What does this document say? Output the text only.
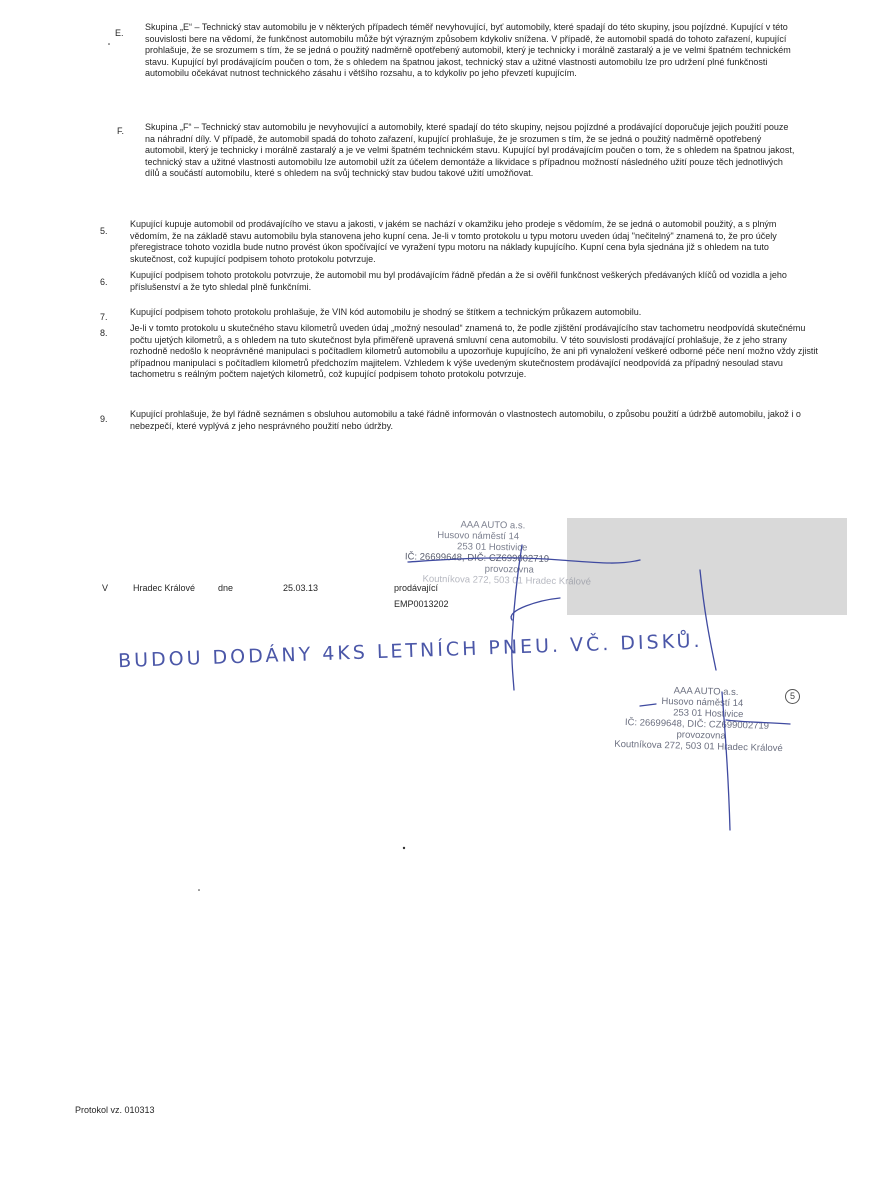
E.
Skupina „E“ – Technický stav automobilu je v některých případech téměř nevyhovující, byť automobily, které spadají do této skupiny, jsou pojízdné. Kupující v této souvislosti bere na vědomí, že funkčnost automobilu může být výrazným způsobem kdykoliv snížena. V případě, že automobil spadá do tohoto zařazení, kupující prohlašuje, že se srozumem s tím, že se jedná o použitý nadměrně opotřebený automobil, který je technicky i morálně zastaralý a je ve velmi špatném technickém stavu. Kupující byl prodávajícím poučen o tom, že s ohledem na špatnou jakost, technický stav a užitné vlastnosti automobilu lze pro udržení plné funkčnosti automobilu očekávat nutnost technického zásahu i většího rozsahu, a to kdykoliv po jeho převzetí kupujícím.
F. Skupina „F“ – Technický stav automobilu je nevyhovující a automobily, které spadají do této skupiny, nejsou pojízdné a prodávající doporučuje jejich použití pouze na náhradní díly. V případě, že automobil spadá do tohoto zařazení, kupující prohlašuje, že je srozumen s tím, že se jedná o použitý nadměrně opotřebený automobil, který je technicky i morálně zastaralý a je ve velmi špatném technickém stavu. Kupující byl prodávajícím poučen o tom, že s ohledem na špatnou jakost, technický stav a užitné vlastnosti automobilu lze automobil užít za účelem demontáže a likvidace s případnou možností následného užití pouze těch jednotlivých dílů a součástí automobilu, které s ohledem na svůj technický stav budou takové užití umožňovat.
5.
Kupující kupuje automobil od prodávajícího ve stavu a jakosti, v jakém se nachází v okamžiku jeho prodeje s vědomím, že se jedná o automobil použitý, a s plným vědomím, že na základě stavu automobilu byla stanovena jeho kupní cena. Je-li v tomto protokolu u typu motoru uveden údaj "nečitelný" znamená to, že pro účely přeregistrace tohoto vozidla bude nutno provést úkon spočívající ve vyražení typu motoru na náklady kupujícího. Kupní cena byla sjednána již s ohledem na tuto skutečnost, což kupující podpisem tohoto protokolu potvrzuje.
6.
Kupující podpisem tohoto protokolu potvrzuje, že automobil mu byl prodávajícím řádně předán a že si ověřil funkčnost veškerých předávaných klíčů od vozidla a jeho příslušenství a že tyto shledal plně funkčními.
7. Kupující podpisem tohoto protokolu prohlašuje, že VIN kód automobilu je shodný se štítkem a technickým průkazem automobilu.
8. Je-li v tomto protokolu u skutečného stavu kilometrů uveden údaj „možný nesoulad“ znamená to, že podle zjištění prodávajícího stav tachometru neodpovídá skutečnému počtu ujetých kilometrů, a s ohledem na tuto skutečnost byla přiměřeně upravená smluvní cena automobilu. V této souvislosti prodávající prohlašuje, že z jeho strany rozhodně nedošlo k neoprávněné manipulaci s počítadlem kilometrů automobilu a upozorňuje kupujícího, že ani při vynaložení veškeré odborné péče není možno vždy zjistit případnou manipulaci s počítadlem kilometrů předchozím majitelem. Vzhledem k výše uvedeným skutečnostem prodávající neodpovídá za případný nesoulad stavu tachometru s reálným počtem najetých kilometrů, což kupující podpisem tohoto protokolu potvrzuje.
9. Kupující prohlašuje, že byl řádně seznámen s obsluhou automobilu a také řádně informován o vlastnostech automobilu, o způsobu použití a údržbě automobilu, jakož i o nebezpečí, které vyplývá z jeho nesprávného použití nebo údržby.
AAA AUTO a.s.
Husovo náměstí 14
253 01 Hostivice
IČ: 26699648, DIČ: CZ699002719
provozovna
Koutníkova 272, 503 01 Hradec Králové
V	Hradec Králové	dne	25.03.13	prodávající
EMP0013202
BUDOU DODÁNY 4KS LETNÍCH PNEU. VČ. DISKŮ.
AAA AUTO a.s.
Husovo náměstí 14
253 01 Hostivice
IČ: 26699648, DIČ: CZ699002719
provozovna
Koutníkova 272, 503 01 Hradec Králové
5
Protokol vz. 010313
